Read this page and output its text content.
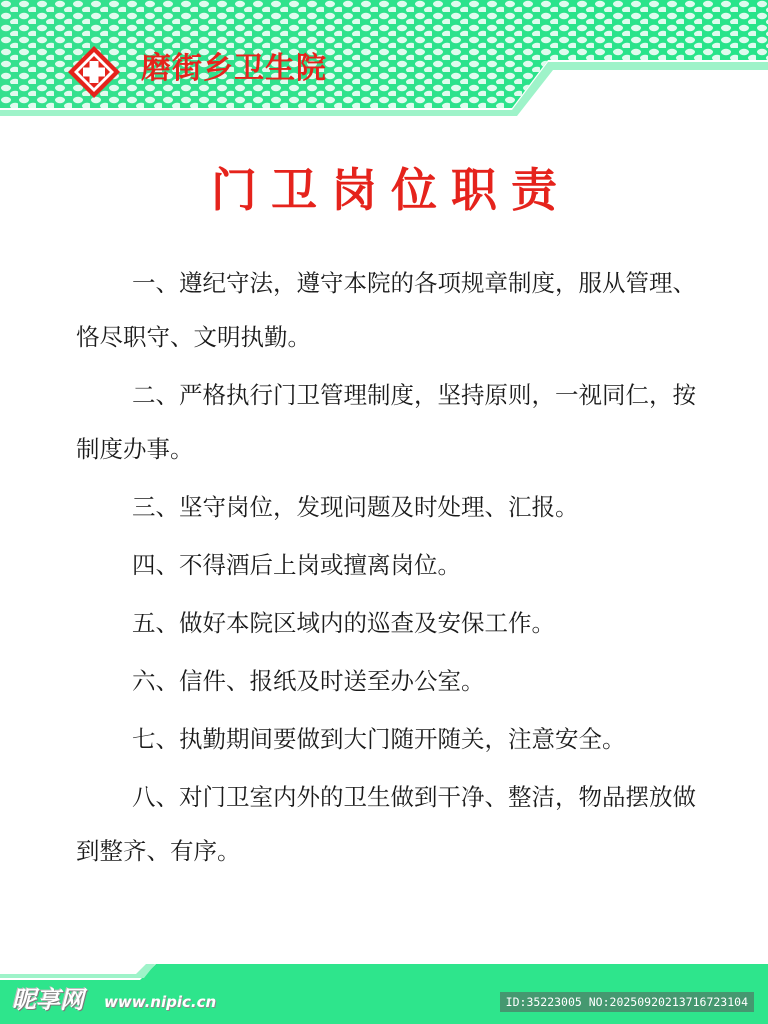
磨街乡卫生院
门卫岗位职责
一、遵纪守法，遵守本院的各项规章制度，服从管理、恪尽职守、文明执勤。
二、严格执行门卫管理制度，坚持原则，一视同仁，按制度办事。
三、坚守岗位，发现问题及时处理、汇报。
四、不得酒后上岗或擅离岗位。
五、做好本院区域内的巡查及安保工作。
六、信件、报纸及时送至办公室。
七、执勤期间要做到大门随开随关，注意安全。
八、对门卫室内外的卫生做到干净、整洁，物品摆放做到整齐、有序。
昵享网 www.nipic.cn	ID:35223005 NO:20250920213716723104
